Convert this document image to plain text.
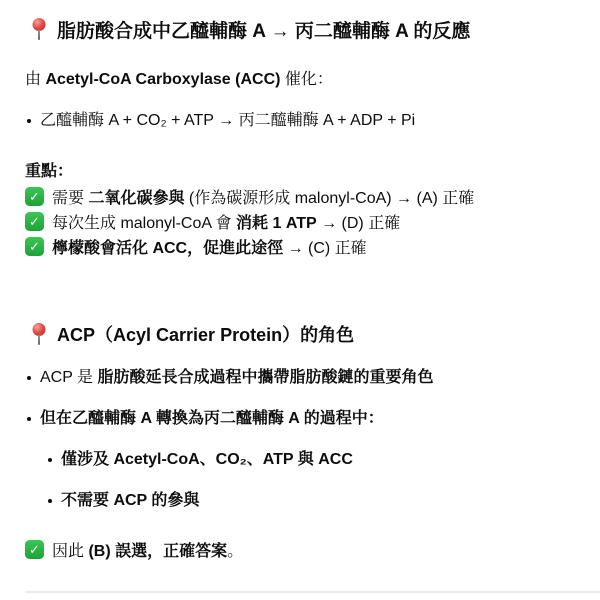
脂肪酸合成中乙醯輔酶 A → 丙二醯輔酶 A 的反應
由 Acetyl-CoA Carboxylase (ACC) 催化：
乙醯輔酶 A + CO₂ + ATP → 丙二醯輔酶 A + ADP + Pi
重點：
✓ 需要 二氧化碳參與 (作為碳源形成 malonyl-CoA) → (A) 正確
✓ 每次生成 malonyl-CoA 會 消耗 1 ATP → (D) 正確
✓ 檸檬酸會活化 ACC，促進此途徑 → (C) 正確
ACP（Acyl Carrier Protein）的角色
ACP 是 脂肪酸延長合成過程中攜帶脂肪酸鏈的重要角色
但在乙醯輔酶 A 轉換為丙二醯輔酶 A 的過程中：
僅涉及 Acetyl-CoA、CO₂、ATP 與 ACC
不需要 ACP 的參與
✓ 因此 (B) 誤選，正確答案。
